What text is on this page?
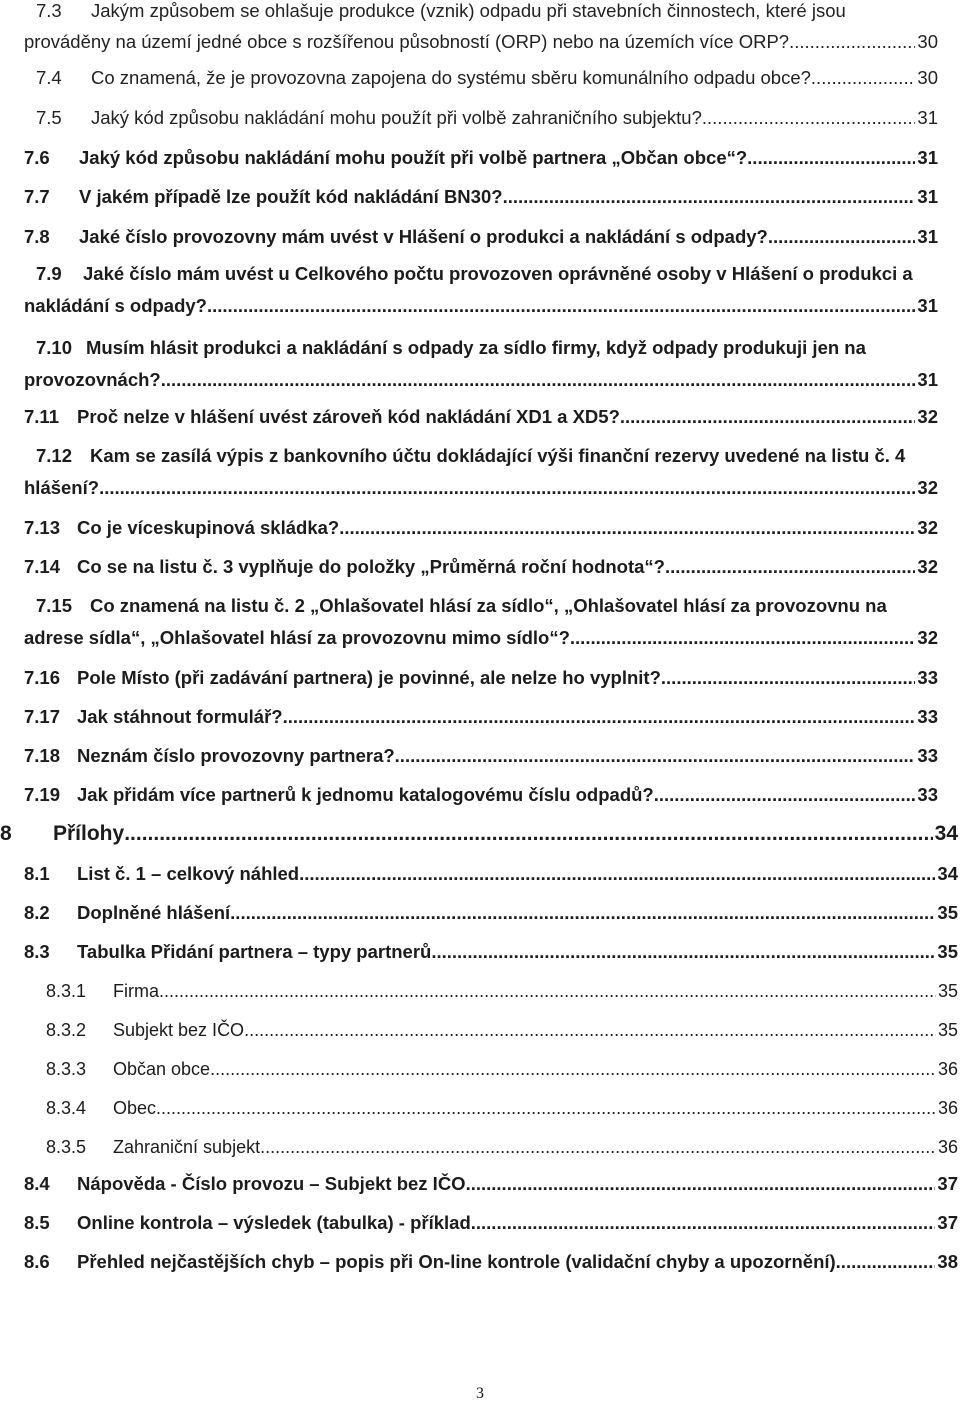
7.3	Jakým způsobem se ohlašuje produkce (vznik) odpadu při stavebních činnostech, které jsou
prováděny na území jedné obce s rozšířenou působností (ORP) nebo na územích více ORP? .....	30
7.4	Co znamená, že je provozovna zapojena do systému sběru komunálního odpadu obce? .....	30
7.5	Jaký kód způsobu nakládání mohu použít při volbě zahraničního subjektu? .....	31
7.6	Jaký kód způsobu nakládání mohu použít při volbě partnera „Občan obce“? .....	31
7.7	V jakém případě lze použít kód nakládání BN30? .....	31
7.8	Jaké číslo provozovny mám uvést v Hlášení o produkci a nakládání s odpady? .....	31
7.9	Jaké číslo mám uvést u Celkového počtu provozoven oprávněné osoby v Hlášení o produkci a
nakládání s odpady? .....	31
7.10 Musím hlásit produkci a nakládání s odpady za sídlo firmy, když odpady produkuji jen na
provozovnách? .....	31
7.11 Proč nelze v hlášení uvést zároveň kód nakládání XD1 a XD5? .....	32
7.12 Kam se zasílá výpis z bankovního účtu dokládající výši finanční rezervy uvedené na listu č. 4
hlášení? .....	32
7.13 Co je víceskupinová skládka? .....	32
7.14 Co se na listu č. 3 vyplňuje do položky „Průměrná roční hodnota“? .....	32
7.15 Co znamená na listu č. 2 „Ohlašovatel hlásí za sídlo“, „Ohlašovatel hlásí za provozovnu na
adrese sídla“, „Ohlašovatel hlásí za provozovnu mimo sídlo“? .....	32
7.16 Pole Místo (při zadávání partnera) je povinné, ale nelze ho vyplnit? .....	33
7.17 Jak stáhnout formulář? .....	33
7.18 Neznám číslo provozovny partnera? .....	33
7.19 Jak přidám více partnerů k jednomu katalogovému číslu odpadů? .....	33
8	Přílohy .....	34
8.1	List č. 1 – celkový náhled .....	34
8.2	Doplněné hlášení .....	35
8.3	Tabulka Přidání partnera – typy partnerů .....	35
8.3.1	Firma .....	35
8.3.2	Subjekt bez IČO .....	35
8.3.3	Občan obce .....	36
8.3.4	Obec .....	36
8.3.5	Zahraniční subjekt .....	36
8.4	Nápověda - Číslo provozu – Subjekt bez IČO .....	37
8.5	Online kontrola – výsledek (tabulka) - příklad .....	37
8.6	Přehled nejčastějších chyb – popis při On-line kontrole (validační chyby a upozornění) .....	38
3
